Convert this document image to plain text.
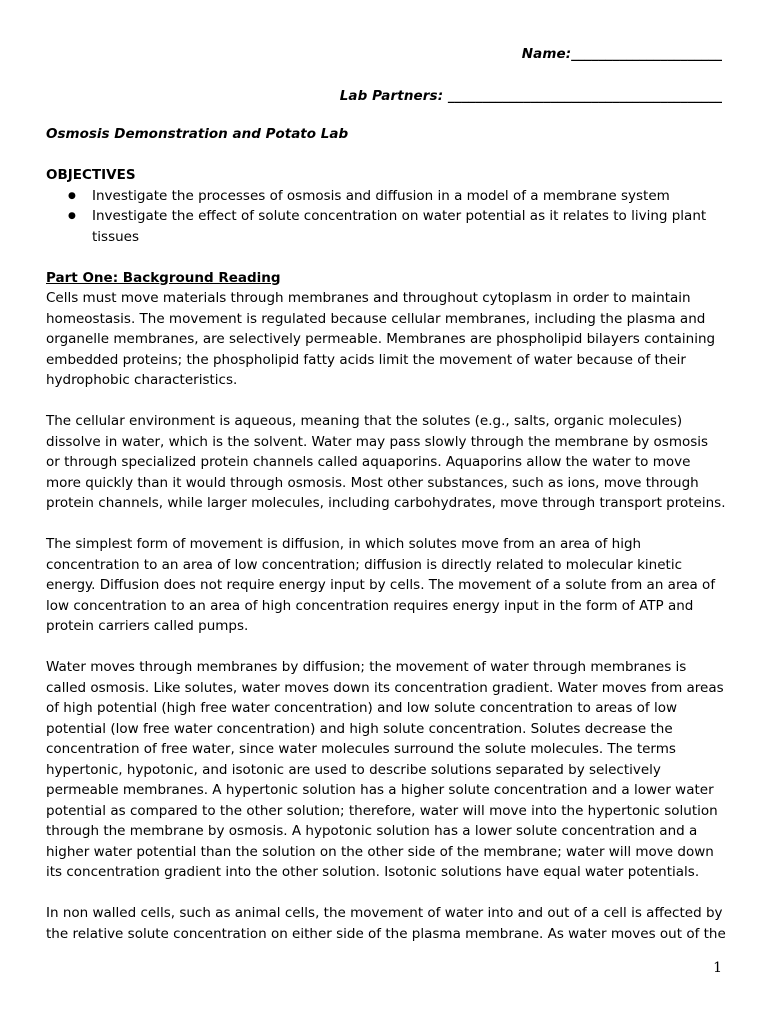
Name:______________________
Lab Partners: ________________________________________
Osmosis Demonstration and Potato Lab
OBJECTIVES
● Investigate the processes of osmosis and diffusion in a model of a membrane system
● Investigate the effect of solute concentration on water potential as it relates to living plant tissues
Part One: Background Reading

Cells must move materials through membranes and throughout cytoplasm in order to maintain homeostasis. The movement is regulated because cellular membranes, including the plasma and organelle membranes, are selectively permeable. Membranes are phospholipid bilayers containing embedded proteins; the phospholipid fatty acids limit the movement of water because of their hydrophobic characteristics.

The cellular environment is aqueous, meaning that the solutes (e.g., salts, organic molecules) dissolve in water, which is the solvent. Water may pass slowly through the membrane by osmosis or through specialized protein channels called aquaporins. Aquaporins allow the water to move more quickly than it would through osmosis. Most other substances, such as ions, move through protein channels, while larger molecules, including carbohydrates, move through transport proteins.

The simplest form of movement is diffusion, in which solutes move from an area of high concentration to an area of low concentration; diffusion is directly related to molecular kinetic energy. Diffusion does not require energy input by cells. The movement of a solute from an area of low concentration to an area of high concentration requires energy input in the form of ATP and protein carriers called pumps.

Water moves through membranes by diffusion; the movement of water through membranes is called osmosis. Like solutes, water moves down its concentration gradient. Water moves from areas of high potential (high free water concentration) and low solute concentration to areas of low potential (low free water concentration) and high solute concentration. Solutes decrease the concentration of free water, since water molecules surround the solute molecules. The terms hypertonic, hypotonic, and isotonic are used to describe solutions separated by selectively permeable membranes. A hypertonic solution has a higher solute concentration and a lower water potential as compared to the other solution; therefore, water will move into the hypertonic solution through the membrane by osmosis. A hypotonic solution has a lower solute concentration and a higher water potential than the solution on the other side of the membrane; water will move down its concentration gradient into the other solution. Isotonic solutions have equal water potentials.

In non walled cells, such as animal cells, the movement of water into and out of a cell is affected by the relative solute concentration on either side of the plasma membrane. As water moves out of the

1
